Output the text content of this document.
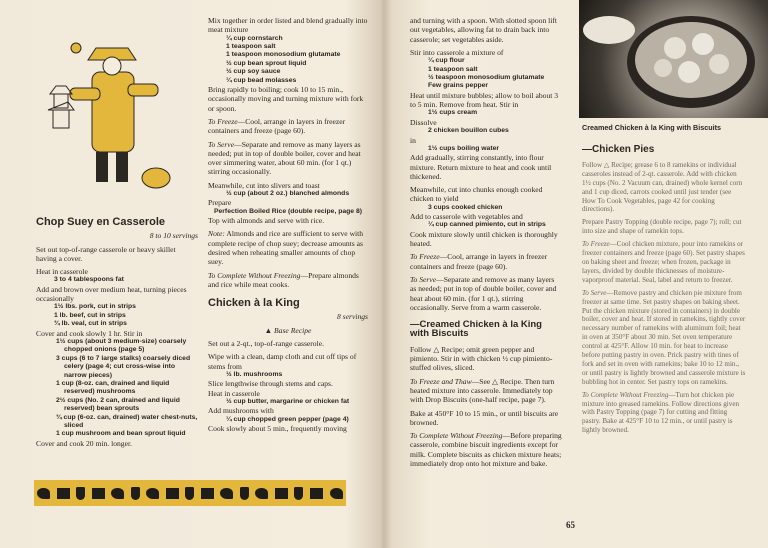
Chop Suey en Casserole

8 to 10 servings

Set out top-of-range casserole or heavy skillet having a cover.

Heat in casserole

3 to 4 tablespoons fat

Add and brown over medium heat, turning pieces occasionally

1½ lbs. pork, cut in strips
1 lb. beef, cut in strips
¾ lb. veal, cut in strips

Cover and cook slowly 1 hr. Stir in

1½ cups (about 3 medium-size) coarsely chopped onions (page 5)
3 cups (6 to 7 large stalks) coarsely diced celery (page 4; cut cross-wise into narrow pieces)
1 cup (8-oz. can, drained and liquid reserved) mushrooms
2½ cups (No. 2 can, drained and liquid reserved) bean sprouts
¾ cup (6-oz. can, drained) water chest-nuts, sliced
1 cup mushroom and bean sprout liquid

Cover and cook 20 min. longer.

Mix together in order listed and blend gradually into meat mixture

¼ cup cornstarch
1 teaspoon salt
1 teaspoon monosodium glutamate
½ cup bean sprout liquid
½ cup soy sauce
¼ cup bead molasses

Bring rapidly to boiling; cook 10 to 15 min., occasionally moving and turning mixture with fork or spoon.

To Freeze—Cool, arrange in layers in freezer containers and freeze (page 60).

To Serve—Separate and remove as many layers as needed; put in top of double boiler, cover and heat over simmering water, about 60 min. (for 1 qt.) stirring occasionally.

Meanwhile, cut into slivers and toast

½ cup (about 2 oz.) blanched almonds

Prepare

Perfection Boiled Rice (double recipe, page 8)

Top with almonds and serve with rice.

Note: Almonds and rice are sufficient to serve with complete recipe of chop suey; decrease amounts as desired when reheating smaller amounts of chop suey.

To Complete Without Freezing—Prepare almonds and rice while meat cooks.

Chicken à la King

8 servings

▲ Base Recipe

Set out a 2-qt., top-of-range casserole.

Wipe with a clean, damp cloth and cut off tips of stems from

½ lb. mushrooms

Slice lengthwise through stems and caps.

Heat in casserole

½ cup butter, margarine or chicken fat

Add mushrooms with

¼ cup chopped green pepper (page 4)

Cook slowly about 5 min., frequently moving

and turning with a spoon. With slotted spoon lift out vegetables, allowing fat to drain back into casserole; set vegetables aside.

Stir into casserole a mixture of

¼ cup flour
1 teaspoon salt
½ teaspoon monosodium glutamate
Few grains pepper

Heat until mixture bubbles; allow to boil about 3 to 5 min. Remove from heat. Stir in

1½ cups cream

Dissolve

2 chicken bouillon cubes

in

1½ cups boiling water

Add gradually, stirring constantly, into flour mixture. Return mixture to heat and cook until thickened.

Meanwhile, cut into chunks enough cooked chicken to yield

3 cups cooked chicken

Add to casserole with vegetables and

¼ cup canned pimiento, cut in strips

Cook mixture slowly until chicken is thoroughly heated.

To Freeze—Cool, arrange in layers in freezer containers and freeze (page 60).

To Serve—Separate and remove as many layers as needed; put in top of double boiler, cover and heat about 60 min. (for 1 qt.), stirring occasionally. Serve from a warm casserole.

—Creamed Chicken à la King with Biscuits

Follow △ Recipe; omit green pepper and pimiento. Stir in with chicken ½ cup pimiento-stuffed olives, sliced.

To Freeze and Thaw—See △ Recipe. Then turn heated mixture into casserole. Immediately top with Drop Biscuits (one-half recipe, page 7).

Bake at 450°F 10 to 15 min., or until biscuits are browned.

To Complete Without Freezing—Before preparing casserole, combine biscuit ingredients except for milk. Complete biscuits as chicken mixture heats; immediately drop onto hot mixture and bake.

Creamed Chicken à la King with Biscuits

—Chicken Pies

Follow △ Recipe; grease 6 to 8 ramekins or individual casseroles instead of 2-qt. casserole. Add with chicken 1½ cups (No. 2 Vacuum can, drained) whole kernel corn and 1 cup diced, carrots cooked until just tender (see How To Cook Vegetables, page 42 for cooking directions).

Prepare Pastry Topping (double recipe, page 7); roll; cut into size and shape of ramekin tops.

To Freeze—Cool chicken mixture, pour into ramekins or freezer containers and freeze (page 60). Set pastry shapes on baking sheet and freeze; when frozen, package in layers, divided by double thicknesses of moisture-vaporproof material. Seal, label and return to freezer.

To Serve—Remove pastry and chicken pie mixture from freezer at same time. Set pastry shapes on baking sheet. Put the chicken mixture (stored in containers) in double boiler, cover and heat. If stored in ramekins, tightly cover necessary number of ramekins with aluminum foil; heat in oven at 350°F about 30 min. Set oven temperature control at 425°F. Allow 10 min. for heat to increase before putting pastry in oven. Prick pastry with tines of fork and set in oven with ramekins; bake 10 to 12 min., or until pastry is lightly browned and casserole mixture is bubbling hot in center. Set pastry tops on ramekins.

To Complete Without Freezing—Turn hot chicken pie mixture into greased ramekins. Follow directions given with Pastry Topping (page 7) for cutting and fitting pastry. Bake at 425°F 10 to 12 min., or until pastry is lightly browned.

65
